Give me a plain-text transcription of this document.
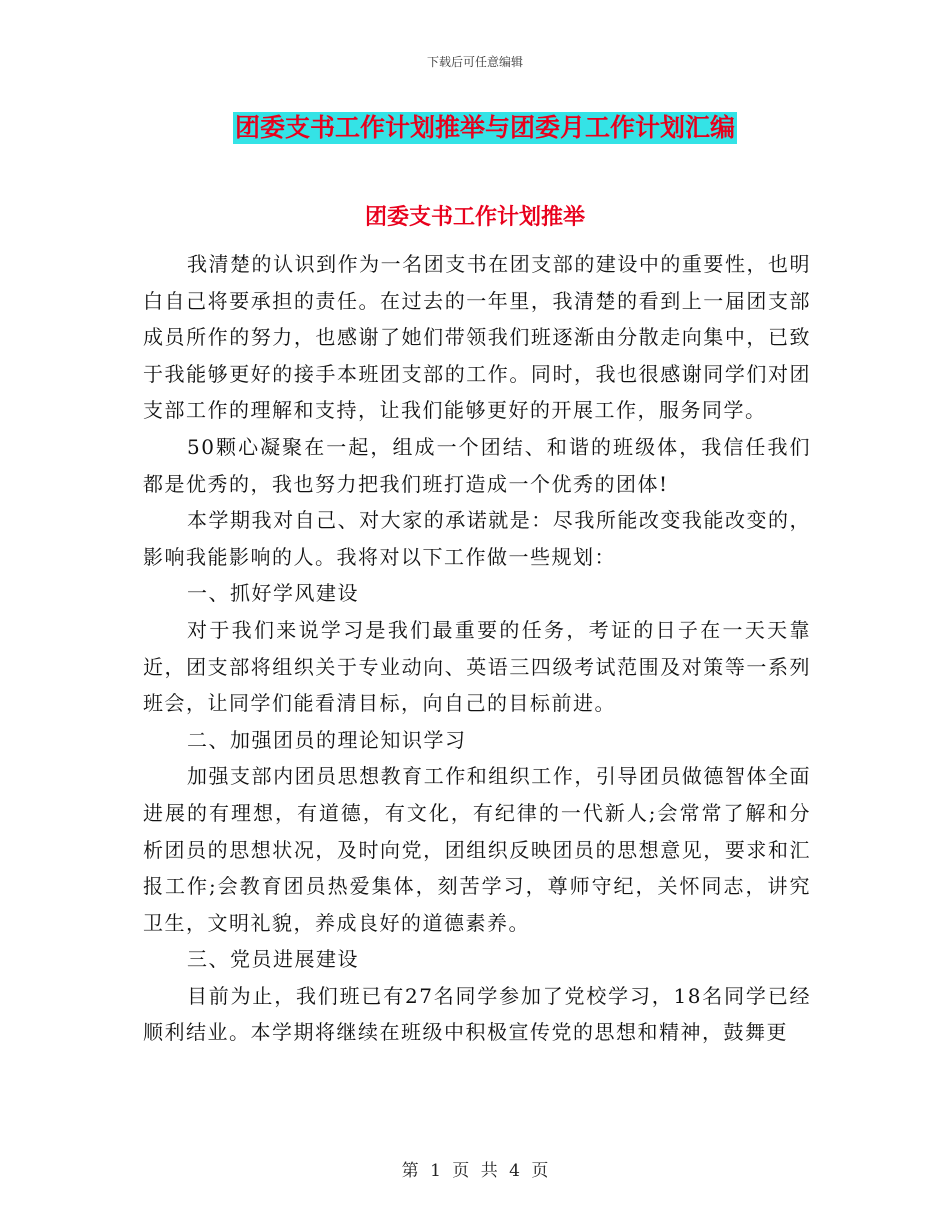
下载后可任意编辑
团委支书工作计划推举与团委月工作计划汇编
团委支书工作计划推举

我清楚的认识到作为一名团支书在团支部的建设中的重要性，也明白自己将要承担的责任。在过去的一年里，我清楚的看到上一届团支部成员所作的努力，也感谢了她们带领我们班逐渐由分散走向集中，已致于我能够更好的接手本班团支部的工作。同时，我也很感谢同学们对团支部工作的理解和支持，让我们能够更好的开展工作，服务同学。

50颗心凝聚在一起，组成一个团结、和谐的班级体，我信任我们都是优秀的，我也努力把我们班打造成一个优秀的团体!

本学期我对自己、对大家的承诺就是：尽我所能改变我能改变的，影响我能影响的人。我将对以下工作做一些规划：

一、抓好学风建设

对于我们来说学习是我们最重要的任务，考证的日子在一天天靠近，团支部将组织关于专业动向、英语三四级考试范围及对策等一系列班会，让同学们能看清目标，向自己的目标前进。

二、加强团员的理论知识学习

加强支部内团员思想教育工作和组织工作，引导团员做德智体全面进展的有理想，有道德，有文化，有纪律的一代新人;会常常了解和分析团员的思想状况，及时向党，团组织反映团员的思想意见，要求和汇报工作;会教育团员热爱集体，刻苦学习，尊师守纪，关怀同志，讲究卫生，文明礼貌，养成良好的道德素养。

三、党员进展建设

目前为止，我们班已有27名同学参加了党校学习，18名同学已经顺利结业。本学期将继续在班级中积极宣传党的思想和精神，鼓舞更

第 1 页 共 4 页
